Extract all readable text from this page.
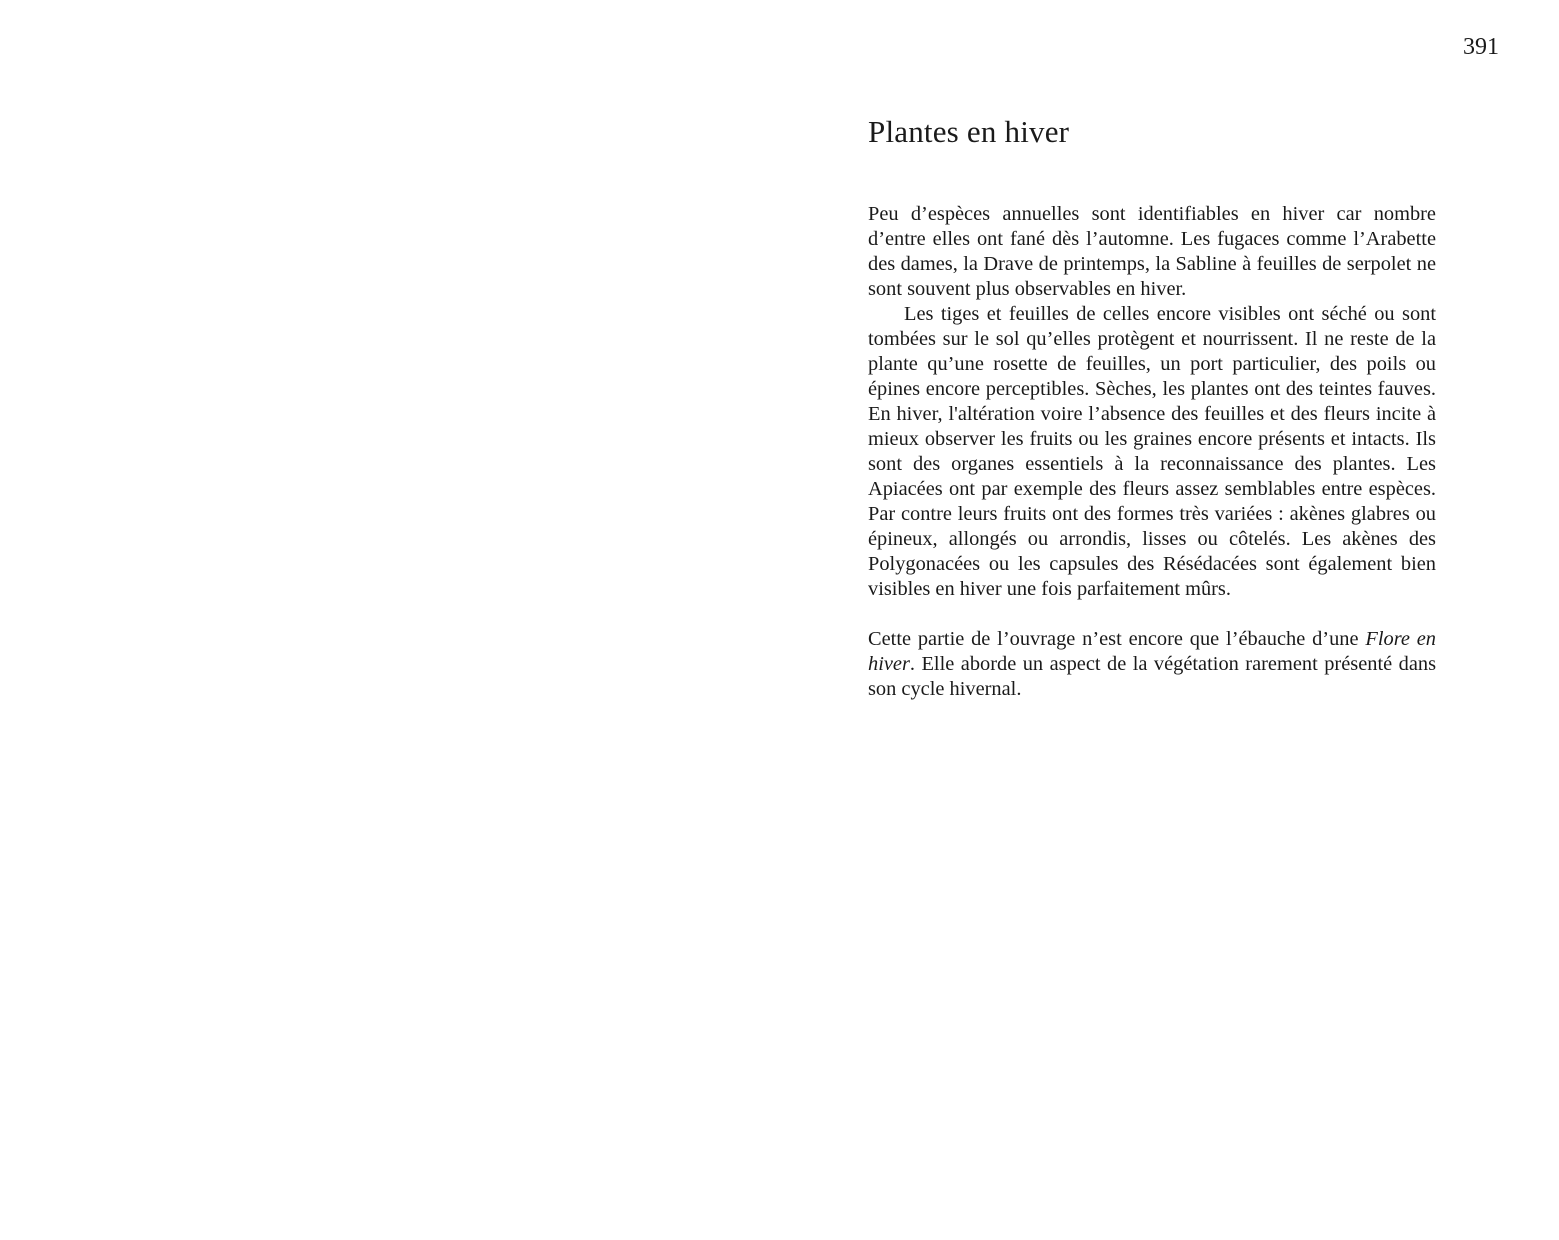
391
Plantes en hiver

Peu d’espèces annuelles sont identifiables en hiver car nombre d’entre elles ont fané dès l’automne. Les fugaces comme l’Arabette des dames, la Drave de printemps, la Sabline à feuilles de serpolet ne sont souvent plus observables en hiver.

Les tiges et feuilles de celles encore visibles ont séché ou sont tombées sur le sol qu’elles protègent et nourrissent. Il ne reste de la plante qu’une rosette de feuilles, un port particulier, des poils ou épines encore perceptibles. Sèches, les plantes ont des teintes fauves. En hiver, l'altération voire l’absence des feuilles et des fleurs incite à mieux observer les fruits ou les graines encore présents et intacts. Ils sont des organes essentiels à la reconnaissance des plantes. Les Apiacées ont par exemple des fleurs assez semblables entre espèces. Par contre leurs fruits ont des formes très variées : akènes glabres ou épineux, allongés ou arrondis, lisses ou côtelés. Les akènes des Polygonacées ou les capsules des Résédacées sont également bien visibles en hiver une fois parfaitement mûrs.

Cette partie de l’ouvrage n’est encore que l’ébauche d’une Flore en hiver. Elle aborde un aspect de la végétation rarement présenté dans son cycle hivernal.
